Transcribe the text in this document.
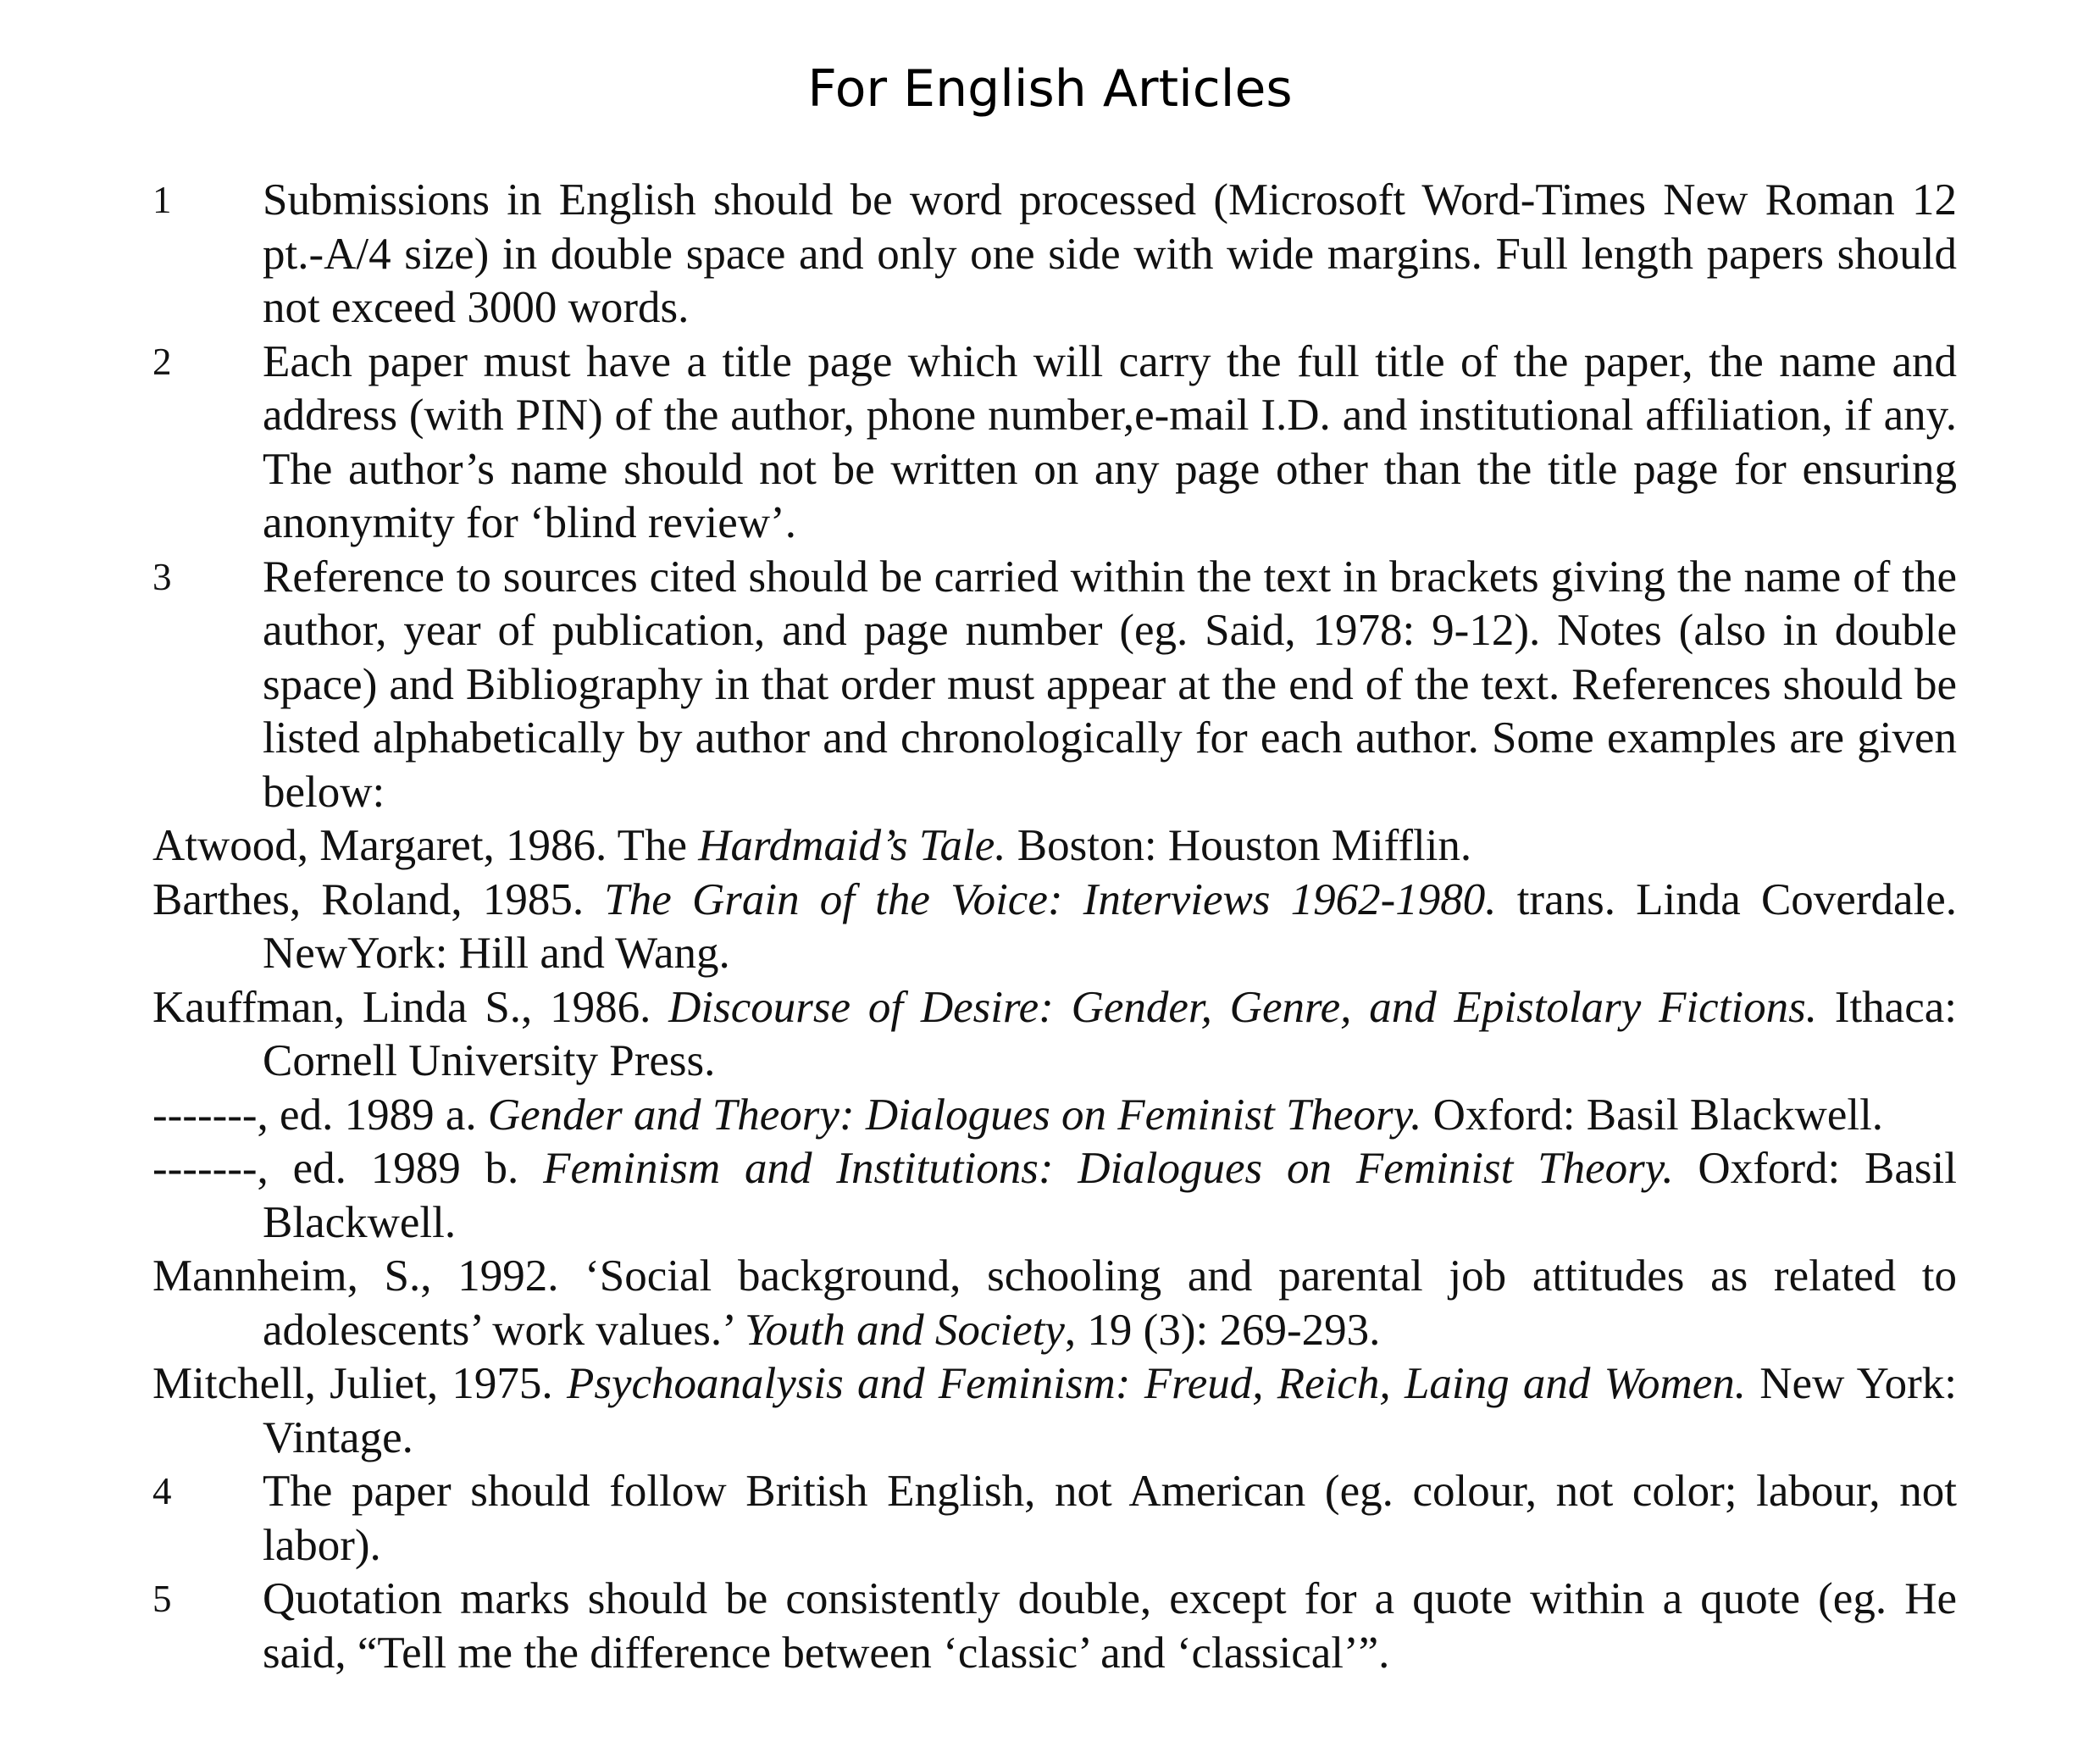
For English Articles
1	Submissions in English should be word processed (Microsoft Word-Times New Roman 12 pt.-A/4 size) in double space and only one side with wide margins. Full length papers should not exceed 3000 words.

2	Each paper must have a title page which will carry the full title of the paper, the name and address (with PIN) of the author, phone number,e-mail I.D. and institutional affiliation, if any. The author’s name should not be written on any page other than the title page for ensuring anonymity for ‘blind review’.

3	Reference to sources cited should be carried within the text in brackets giving the name of the author, year of publication, and page number (eg. Said, 1978: 9-12). Notes (also in double space) and Bibliography in that order must appear at the end of the text. References should be listed alphabetically by author and chronologically for each author. Some examples are given below:

Atwood, Margaret, 1986. The Hardmaid’s Tale. Boston: Houston Mifflin.

Barthes, Roland, 1985. The Grain of the Voice: Interviews 1962-1980. trans. Linda Coverdale. NewYork: Hill and Wang.

Kauffman, Linda S., 1986. Discourse of Desire: Gender, Genre, and Epistolary Fictions. Ithaca: Cornell University Press.

-------, ed. 1989 a. Gender and Theory: Dialogues on Feminist Theory. Oxford: Basil Blackwell.

-------, ed. 1989 b. Feminism and Institutions: Dialogues on Feminist Theory. Oxford: Basil Blackwell.

Mannheim, S., 1992. ‘Social background, schooling and parental job attitudes as related to adolescents’ work values.’ Youth and Society, 19 (3): 269-293.

Mitchell, Juliet, 1975. Psychoanalysis and Feminism: Freud, Reich, Laing and Women. New York: Vintage.

4	The paper should follow British English, not American (eg. colour, not color; labour, not labor).

5	Quotation marks should be consistently double, except for a quote within a quote (eg. He said, “Tell me the difference between ‘classic’ and ‘classical’”.
